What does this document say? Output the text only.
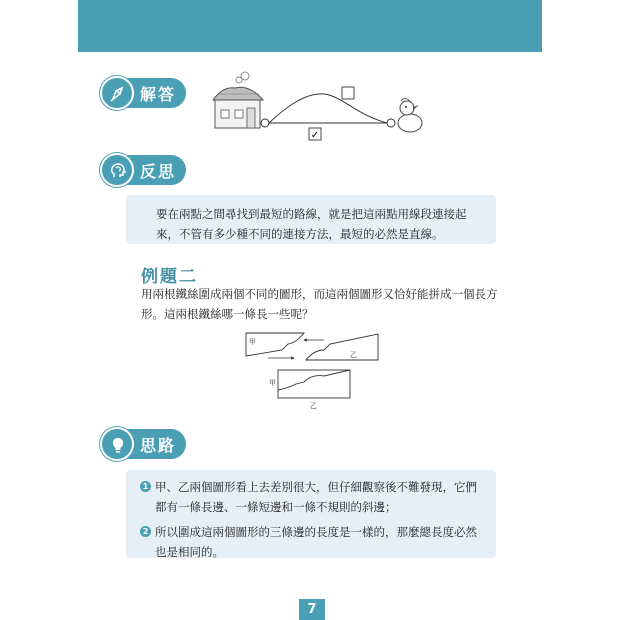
解答
✓
反思

要在兩點之間尋找到最短的路線，就是把這兩點用線段連接起來，不管有多少種不同的連接方法，最短的必然是直線。

例題二

用兩根鐵絲圍成兩個不同的圖形，而這兩個圖形又恰好能拼成一個長方形。這兩根鐵絲哪一條長一些呢？

甲
乙
甲
乙
思路
1 甲、乙兩個圖形看上去差別很大，但仔細觀察後不難發現，它們都有一條長邊、一條短邊和一條不規則的斜邊；
2 所以圍成這兩個圖形的三條邊的長度是一樣的，那麼總長度必然也是相同的。
7
